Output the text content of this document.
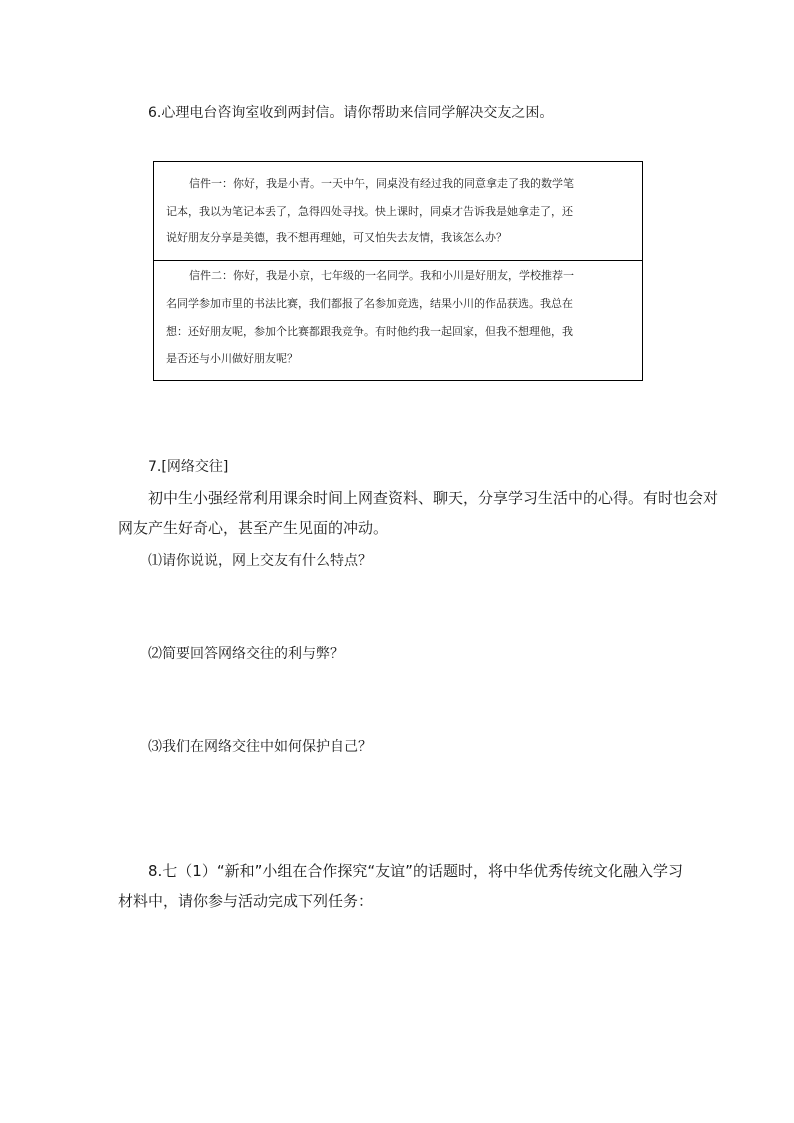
6.心理电台咨询室收到两封信。请你帮助来信同学解决交友之困。

信件一：你好，我是小青。一天中午，同桌没有经过我的同意拿走了我的数学笔
记本，我以为笔记本丢了，急得四处寻找。快上课时，同桌才告诉我是她拿走了，还
说好朋友分享是美德，我不想再理她，可又怕失去友情，我该怎么办？
信件二：你好，我是小京，七年级的一名同学。我和小川是好朋友，学校推荐一
名同学参加市里的书法比赛，我们都报了名参加竞选，结果小川的作品获选。我总在
想：还好朋友呢，参加个比赛都跟我竞争。有时他约我一起回家，但我不想理他，我
是否还与小川做好朋友呢？

7.[网络交往]

初中生小强经常利用课余时间上网查资料、聊天，分享学习生活中的心得。有时也会对

网友产生好奇心，甚至产生见面的冲动。

⑴请你说说，网上交友有什么特点？

⑵简要回答网络交往的利与弊？

⑶我们在网络交往中如何保护自己？

8.七（1）“新和”小组在合作探究“友谊”的话题时，将中华优秀传统文化融入学习

材料中，请你参与活动完成下列任务：
